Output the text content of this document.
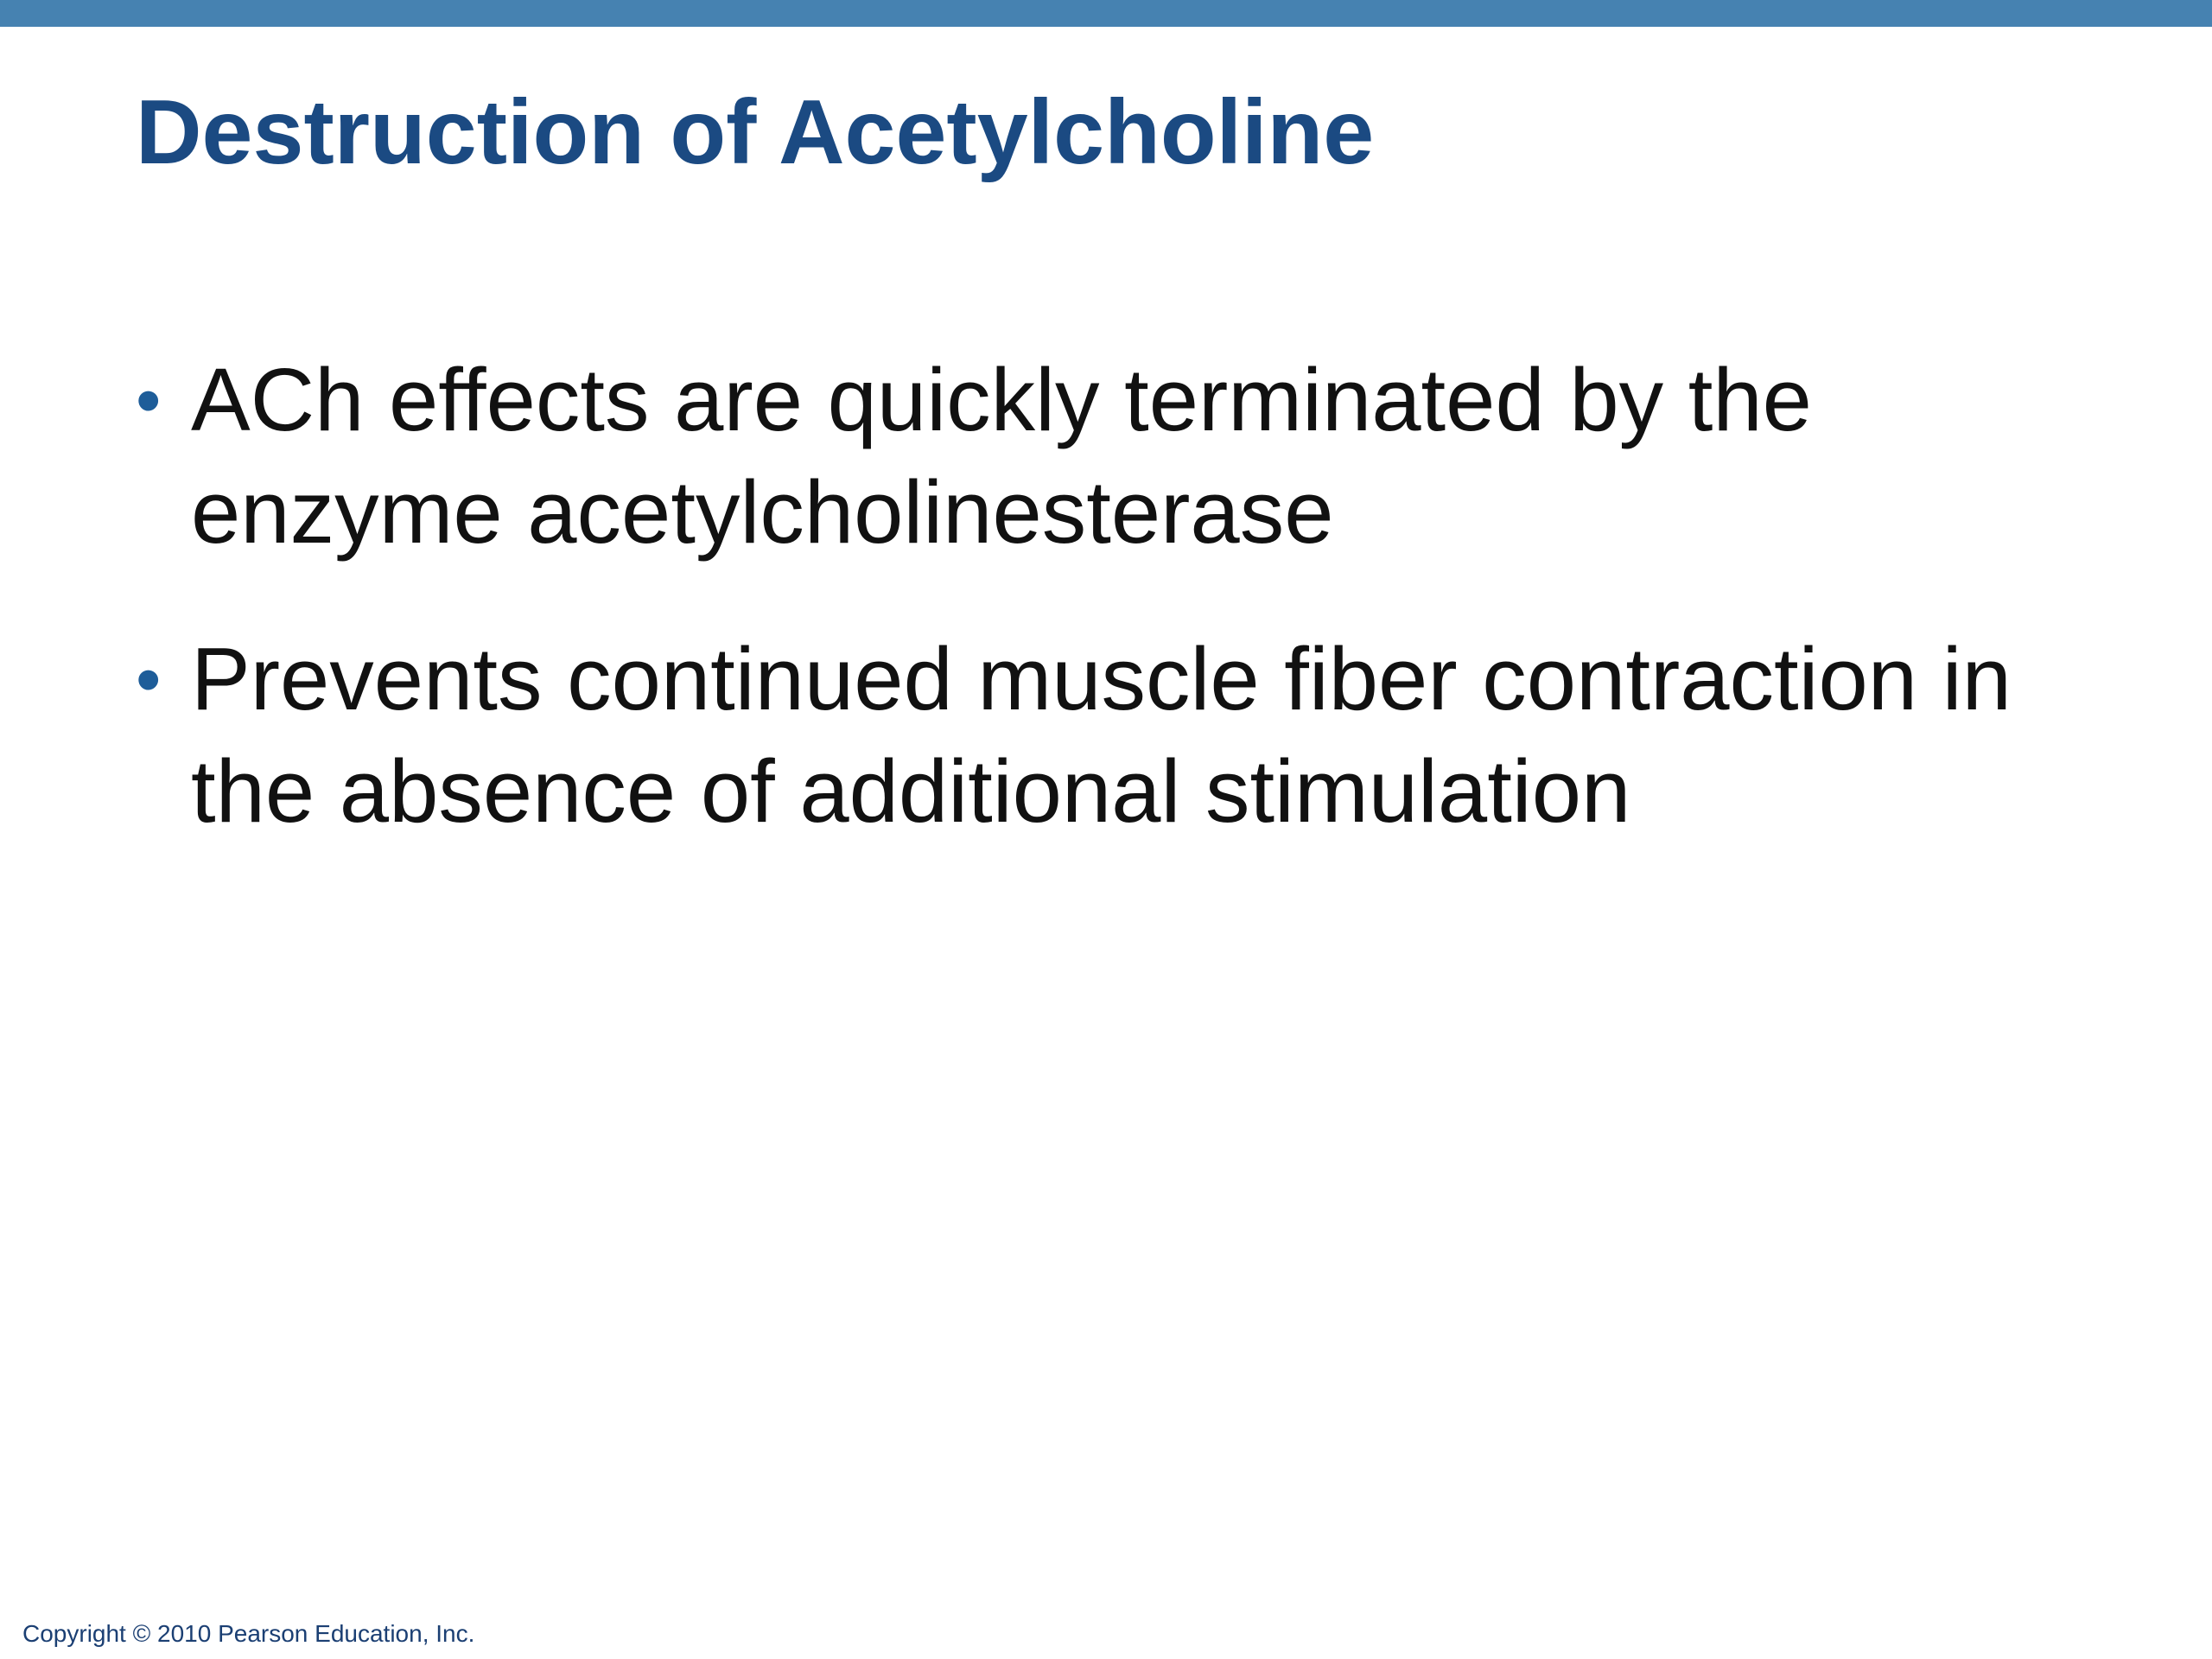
Destruction of Acetylcholine
• ACh effects are quickly terminated by the enzyme acetylcholinesterase
• Prevents continued muscle fiber contraction in the absence of additional stimulation
Copyright © 2010 Pearson Education, Inc.
